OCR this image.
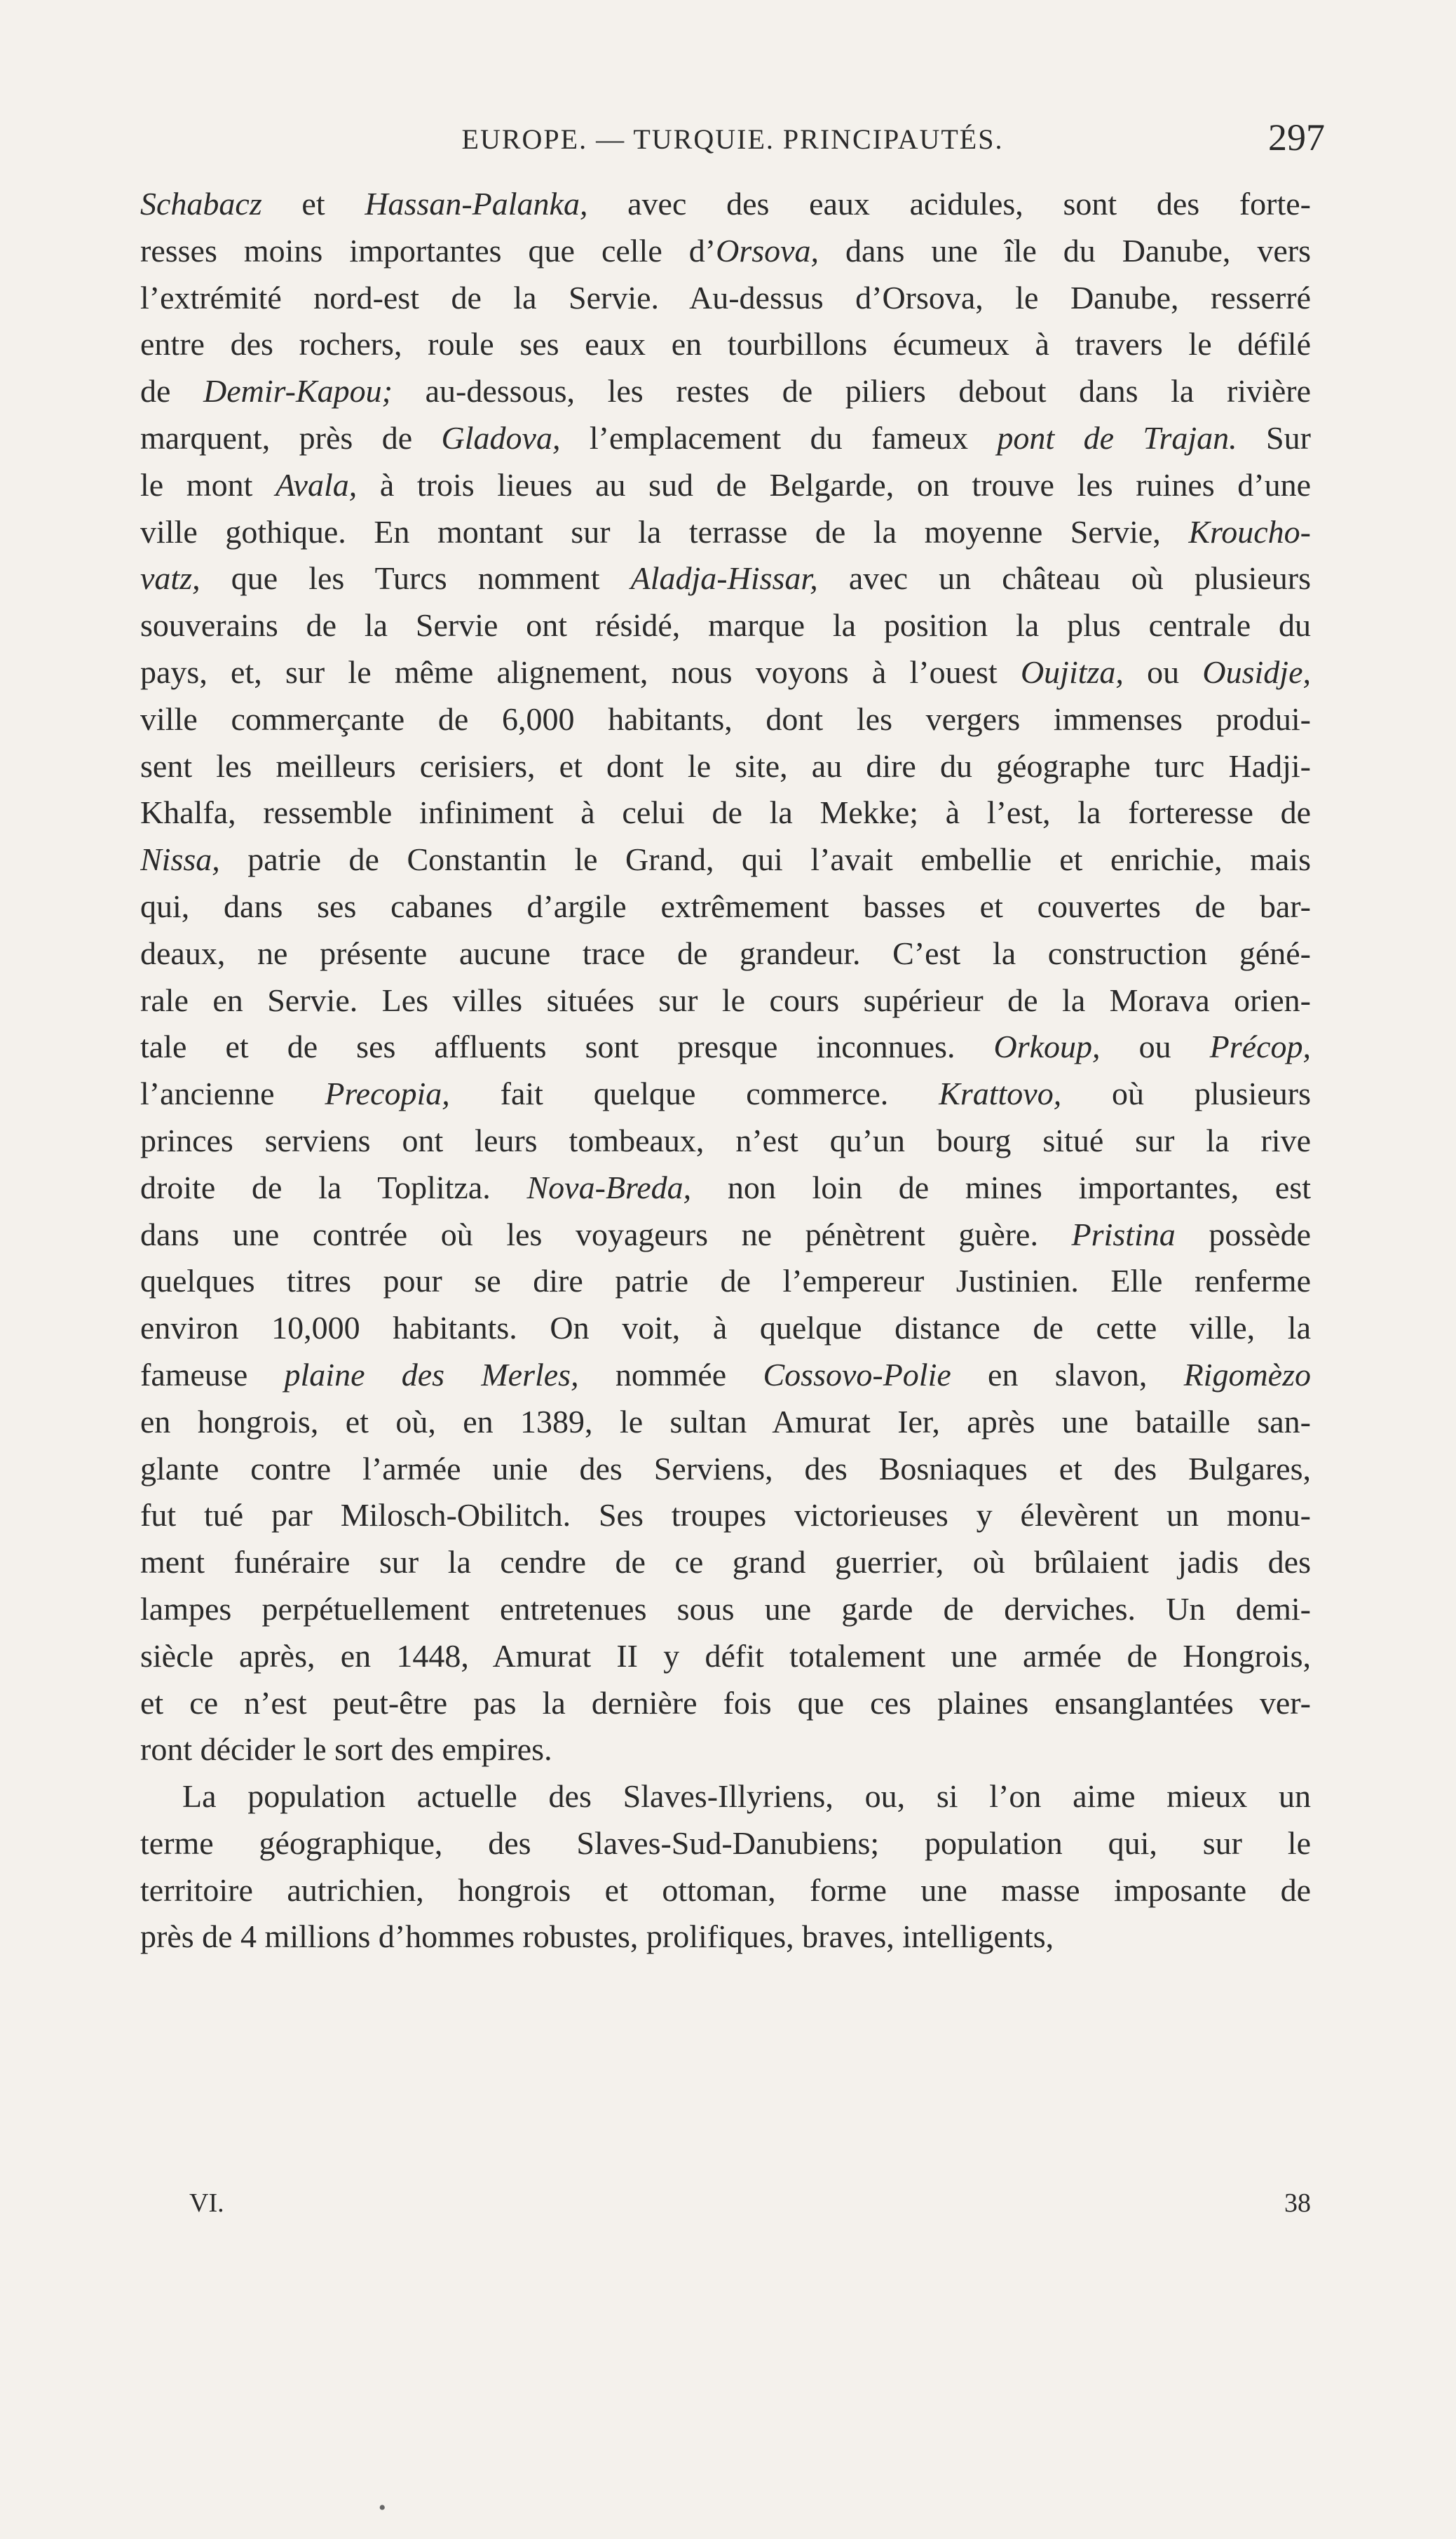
EUROPE. — TURQUIE. PRINCIPAUTÉS.	297
Schabacz et Hassan-Palanka, avec des eaux acidules, sont des forte-
resses moins importantes que celle d’Orsova, dans une île du Danube, vers
l’extrémité nord-est de la Servie. Au-dessus d’Orsova, le Danube, resserré
entre des rochers, roule ses eaux en tourbillons écumeux à travers le défilé
de Demir-Kapou; au-dessous, les restes de piliers debout dans la rivière
marquent, près de Gladova, l’emplacement du fameux pont de Trajan. Sur
le mont Avala, à trois lieues au sud de Belgarde, on trouve les ruines d’une
ville gothique. En montant sur la terrasse de la moyenne Servie, Kroucho-
vatz, que les Turcs nomment Aladja-Hissar, avec un château où plusieurs
souverains de la Servie ont résidé, marque la position la plus centrale du
pays, et, sur le même alignement, nous voyons à l’ouest Oujitza, ou Ousidje,
ville commerçante de 6,000 habitants, dont les vergers immenses produi-
sent les meilleurs cerisiers, et dont le site, au dire du géographe turc Hadji-
Khalfa, ressemble infiniment à celui de la Mekke; à l’est, la forteresse de
Nissa, patrie de Constantin le Grand, qui l’avait embellie et enrichie, mais
qui, dans ses cabanes d’argile extrêmement basses et couvertes de bar-
deaux, ne présente aucune trace de grandeur. C’est la construction géné-
rale en Servie. Les villes situées sur le cours supérieur de la Morava orien-
tale et de ses affluents sont presque inconnues. Orkoup, ou Précop,
l’ancienne Precopia, fait quelque commerce. Krattovo, où plusieurs
princes serviens ont leurs tombeaux, n’est qu’un bourg situé sur la rive
droite de la Toplitza. Nova-Breda, non loin de mines importantes, est
dans une contrée où les voyageurs ne pénètrent guère. Pristina possède
quelques titres pour se dire patrie de l’empereur Justinien. Elle renferme
environ 10,000 habitants. On voit, à quelque distance de cette ville, la
fameuse plaine des Merles, nommée Cossovo-Polie en slavon, Rigomèzo
en hongrois, et où, en 1389, le sultan Amurat Ier, après une bataille san-
glante contre l’armée unie des Serviens, des Bosniaques et des Bulgares,
fut tué par Milosch-Obilitch. Ses troupes victorieuses y élevèrent un monu-
ment funéraire sur la cendre de ce grand guerrier, où brûlaient jadis des
lampes perpétuellement entretenues sous une garde de derviches. Un demi-
siècle après, en 1448, Amurat II y défit totalement une armée de Hongrois,
et ce n’est peut-être pas la dernière fois que ces plaines ensanglantées ver-
ront décider le sort des empires.
La population actuelle des Slaves-Illyriens, ou, si l’on aime mieux un
terme géographique, des Slaves-Sud-Danubiens; population qui, sur le
territoire autrichien, hongrois et ottoman, forme une masse imposante de
près de 4 millions d’hommes robustes, prolifiques, braves, intelligents,
VI.	38
•
